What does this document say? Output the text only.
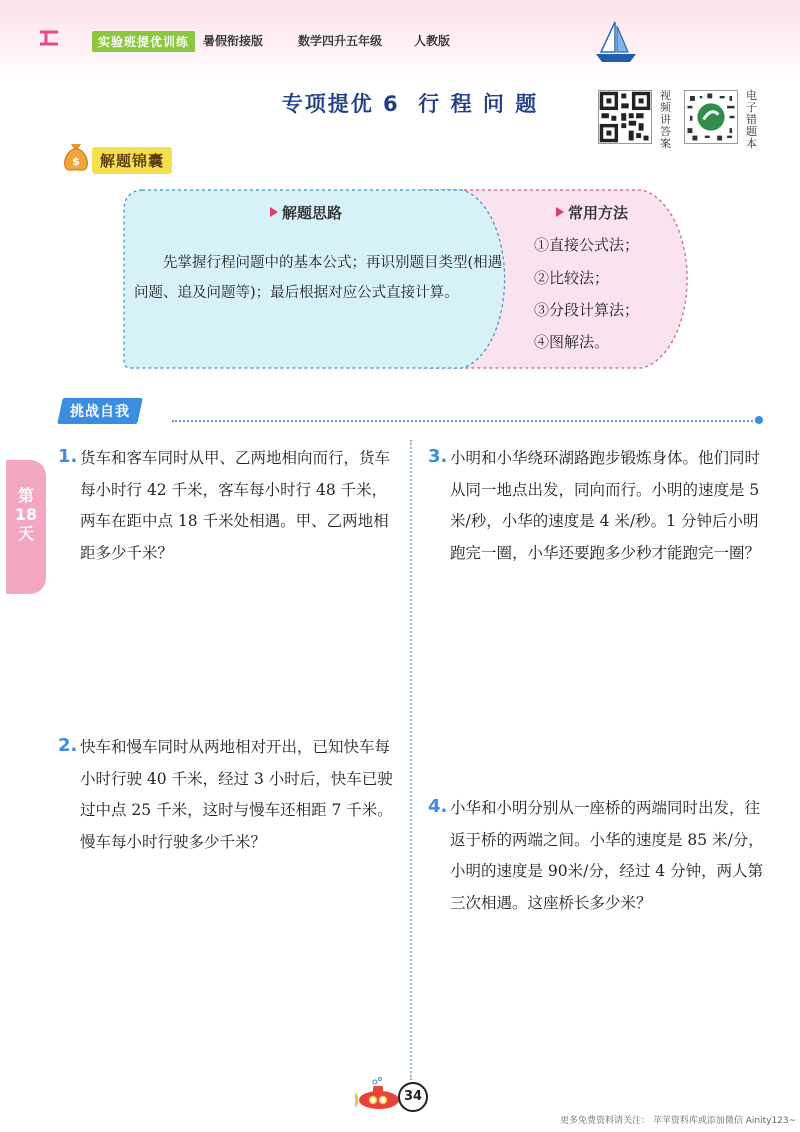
实验班提优训练	暑假衔接版	数学四升五年级	人教版
专项提优 6  行 程 问 题	视频讲答案
电子错题本
$	解题锦囊
解题思路
先掌握行程问题中的基本公式；再识别题目类型(相遇问题、追及问题等)；最后根据对应公式直接计算。
常用方法
①直接公式法；
②比较法；
③分段计算法；
④图解法。
挑战自我
第18天
1. 货车和客车同时从甲、乙两地相向而行，货车每小时行 42 千米，客车每小时行 48 千米，两车在距中点 18 千米处相遇。甲、乙两地相距多少千米？
2. 快车和慢车同时从两地相对开出，已知快车每小时行驶 40 千米，经过 3 小时后，快车已驶过中点 25 千米，这时与慢车还相距 7 千米。慢车每小时行驶多少千米？
3. 小明和小华绕环湖路跑步锻炼身体。他们同时从同一地点出发，同向而行。小明的速度是 5 米/秒，小华的速度是 4 米/秒。1 分钟后小明跑完一圈，小华还要跑多少秒才能跑完一圈？
4. 小华和小明分别从一座桥的两端同时出发，往返于桥的两端之间。小华的速度是 85 米/分，小明的速度是 90米/分，经过 4 分钟，两人第三次相遇。这座桥长多少米？
34
更多免费资料请关注： 苹苹资料库或添加微信 Ainity123~
